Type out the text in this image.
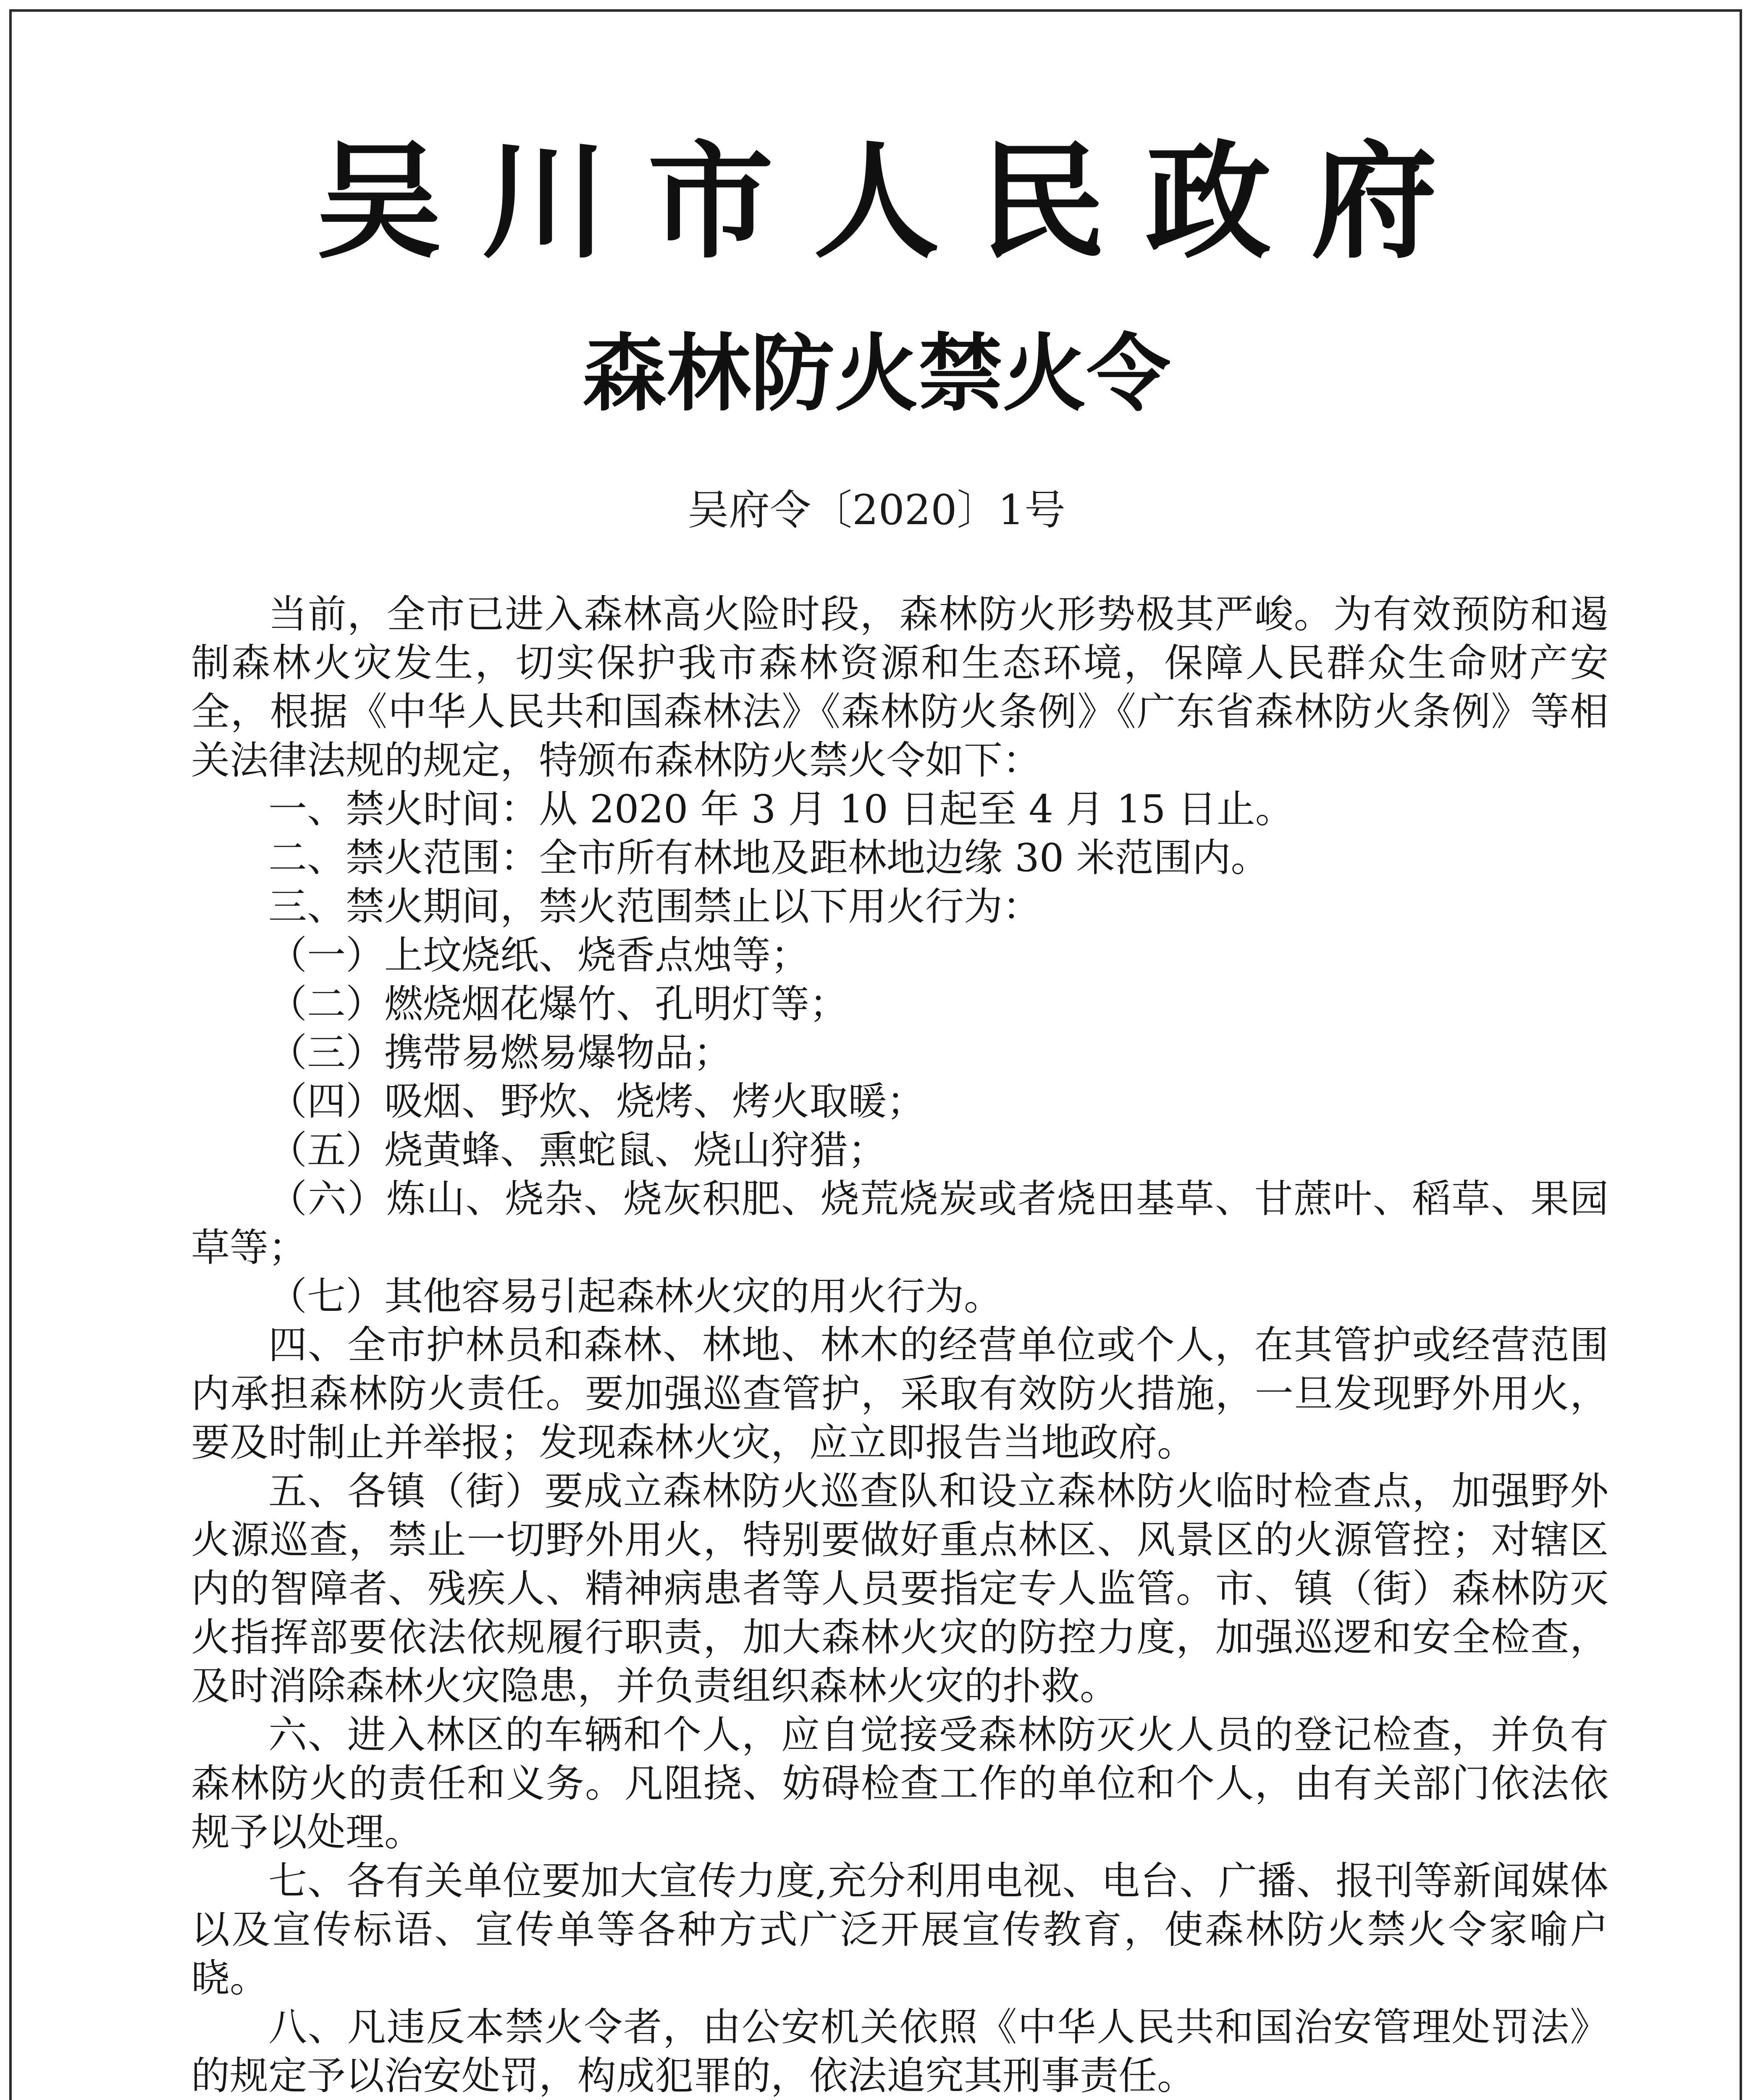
吴川市人民政府
森林防火禁火令
吴府令〔2020〕1号

当前，全市已进入森林高火险时段，森林防火形势极其严峻。为有效预防和遏制森林火灾发生，切实保护我市森林资源和生态环境，保障人民群众生命财产安全，根据《中华人民共和国森林法》《森林防火条例》《广东省森林防火条例》等相关法律法规的规定，特颁布森林防火禁火令如下：

一、禁火时间：从 2020 年 3 月 10 日起至 4 月 15 日止。

二、禁火范围：全市所有林地及距林地边缘 30 米范围内。

三、禁火期间，禁火范围禁止以下用火行为：

（一）上坟烧纸、烧香点烛等；

（二）燃烧烟花爆竹、孔明灯等；

（三）携带易燃易爆物品；

（四）吸烟、野炊、烧烤、烤火取暖；

（五）烧黄蜂、熏蛇鼠、烧山狩猎；

（六）炼山、烧杂、烧灰积肥、烧荒烧炭或者烧田基草、甘蔗叶、稻草、果园草等；

（七）其他容易引起森林火灾的用火行为。

四、全市护林员和森林、林地、林木的经营单位或个人，在其管护或经营范围内承担森林防火责任。要加强巡查管护，采取有效防火措施，一旦发现野外用火，要及时制止并举报；发现森林火灾，应立即报告当地政府。

五、各镇（街）要成立森林防火巡查队和设立森林防火临时检查点，加强野外火源巡查，禁止一切野外用火，特别要做好重点林区、风景区的火源管控；对辖区内的智障者、残疾人、精神病患者等人员要指定专人监管。市、镇（街）森林防灭火指挥部要依法依规履行职责，加大森林火灾的防控力度，加强巡逻和安全检查，及时消除森林火灾隐患，并负责组织森林火灾的扑救。

六、进入林区的车辆和个人，应自觉接受森林防灭火人员的登记检查，并负有森林防火的责任和义务。凡阻挠、妨碍检查工作的单位和个人，由有关部门依法依规予以处理。

七、各有关单位要加大宣传力度,充分利用电视、电台、广播、报刊等新闻媒体以及宣传标语、宣传单等各种方式广泛开展宣传教育，使森林防火禁火令家喻户晓。

八、凡违反本禁火令者，由公安机关依照《中华人民共和国治安管理处罚法》的规定予以治安处罚，构成犯罪的，依法追究其刑事责任。
